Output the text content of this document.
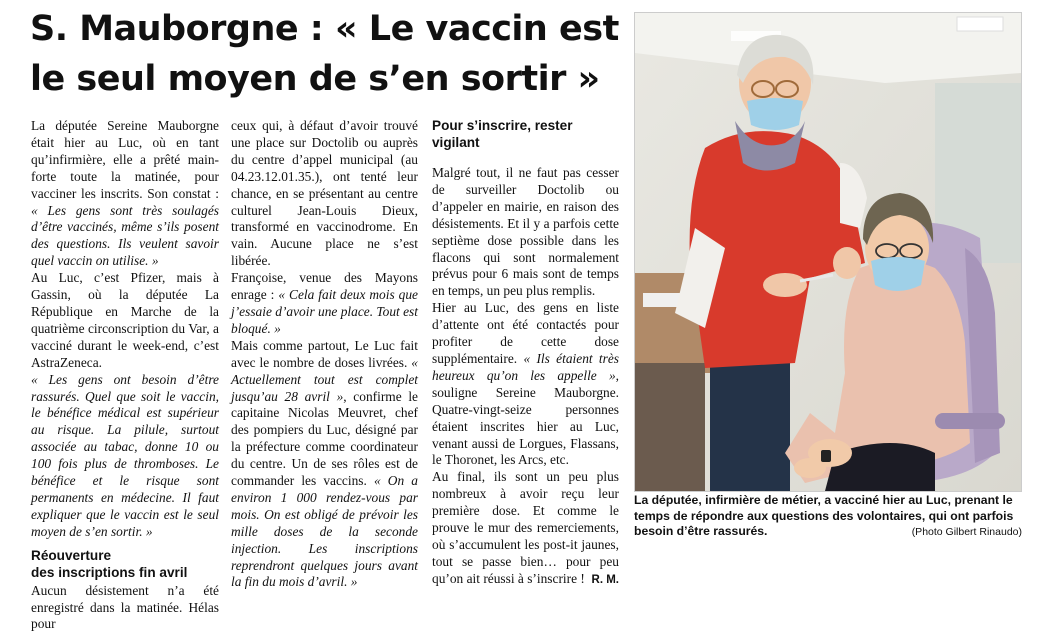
S. Mauborgne : « Le vaccin est
le seul moyen de s’en sortir »

La députée Sereine Mauborgne était hier au Luc, où en tant qu’infirmière, elle a prêté main-forte toute la matinée, pour vacciner les inscrits. Son constat : « Les gens sont très soulagés d’être vaccinés, même s’ils posent des questions. Ils veulent savoir quel vaccin on utilise. »

Au Luc, c’est Pfizer, mais à Gassin, où la députée La République en Marche de la quatrième circonscription du Var, a vacciné durant le week-end, c’est AstraZeneca.

« Les gens ont besoin d’être rassurés. Quel que soit le vaccin, le bénéfice médical est supérieur au risque. La pilule, surtout associée au tabac, donne 10 ou 100 fois plus de thromboses. Le bénéfice et le risque sont permanents en médecine. Il faut expliquer que le vaccin est le seul moyen de s’en sortir. »

Réouverture
des inscriptions fin avril

Aucun désistement n’a été enregistré dans la matinée. Hélas pour

ceux qui, à défaut d’avoir trouvé une place sur Doctolib ou auprès du centre d’appel municipal (au 04.23.12.01.35.), ont tenté leur chance, en se présentant au centre culturel Jean-Louis Dieux, transformé en vaccinodrome. En vain. Aucune place ne s’est libérée.

Françoise, venue des Mayons enrage : « Cela fait deux mois que j’essaie d’avoir une place. Tout est bloqué. »

Mais comme partout, Le Luc fait avec le nombre de doses livrées. « Actuellement tout est complet jusqu’au 28 avril », confirme le capitaine Nicolas Meuvret, chef des pompiers du Luc, désigné par la préfecture comme coordinateur du centre. Un de ses rôles est de commander les vaccins. « On a environ 1 000 rendez-vous par mois. On est obligé de prévoir les mille doses de la seconde injection. Les inscriptions reprendront quelques jours avant la fin du mois d’avril. »

Pour s’inscrire, rester vigilant

Malgré tout, il ne faut pas cesser de surveiller Doctolib ou d’appeler en mairie, en raison des désistements. Et il y a parfois cette septième dose possible dans les flacons qui sont normalement prévus pour 6 mais sont de temps en temps, un peu plus remplis.

Hier au Luc, des gens en liste d’attente ont été contactés pour profiter de cette dose supplémentaire. « Ils étaient très heureux qu’on les appelle », souligne Sereine Mauborgne. Quatre-vingt-seize personnes étaient inscrites hier au Luc, venant aussi de Lorgues, Flassans, le Thoronet, les Arcs, etc.

Au final, ils sont un peu plus nombreux à avoir reçu leur première dose. Et comme le prouve le mur des remerciements, où s’accumulent les post-it jaunes, tout se passe bien… pour peu qu’on ait réussi à s’inscrire ! R. M.
La députée, infirmière de métier, a vacciné hier au Luc, prenant le temps de répondre aux questions des volontaires, qui ont parfois besoin d’être rassurés.	(Photo Gilbert Rinaudo)
